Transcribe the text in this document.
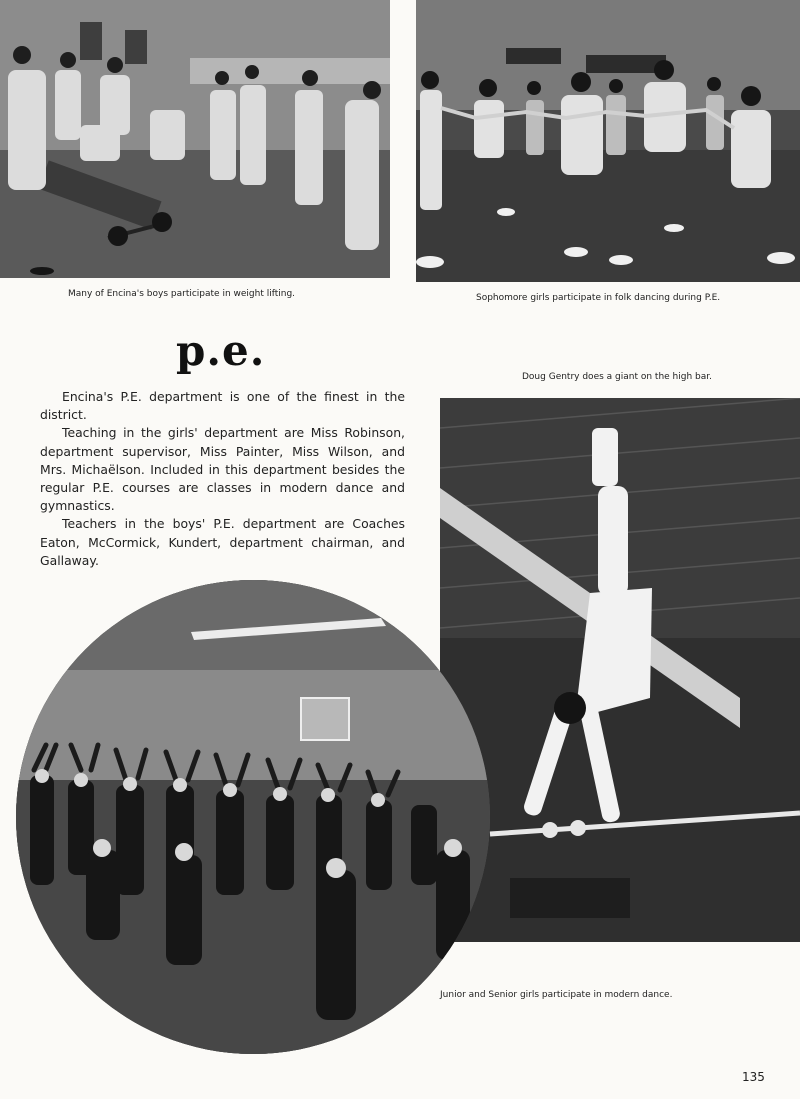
Many of Encina's boys participate in weight lifting.	Sophomore girls participate in folk dancing during P.E.
p.e.
Doug Gentry does a giant on the high bar.

Encina's P.E. department is one of the finest in the district.

Teaching in the girls' department are Miss Robinson, department supervisor, Miss Painter, Miss Wilson, and Mrs. Michaëlson. Included in this department besides the regular P.E. courses are classes in modern dance and gymnastics.

Teachers in the boys' P.E. department are Coaches Eaton, McCormick, Kundert, department chairman, and Gallaway.

Junior and Senior girls participate in modern dance.
135
